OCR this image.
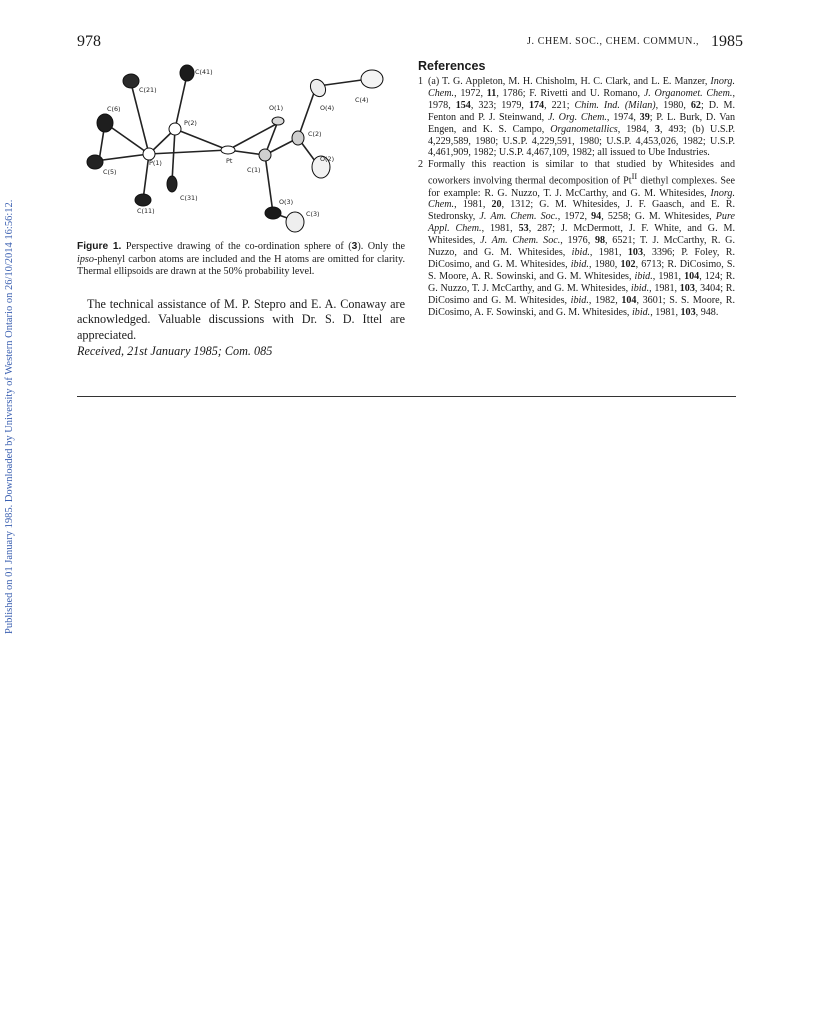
Published on 01 January 1985. Downloaded by University of Western Ontario on 26/10/2014 16:56:12.
978	J. CHEM. SOC., CHEM. COMMUN., 1985
C(41)
C(21)
C(6)
P(2)
O(1)	O(4)
C(4)
C(2)
O(2)
Pt
C(1)
C(5)
P(1)
C(31)
C(11)
O(3)
C(3)
Figure 1. Perspective drawing of the co-ordination sphere of (3). Only the ipso-phenyl carbon atoms are included and the H atoms are omitted for clarity. Thermal ellipsoids are drawn at the 50% probability level.
The technical assistance of M. P. Stepro and E. A. Conaway are acknowledged. Valuable discussions with Dr. S. D. Ittel are appreciated.
Received, 21st January 1985; Com. 085
References
1 (a) T. G. Appleton, M. H. Chisholm, H. C. Clark, and L. E. Manzer, Inorg. Chem., 1972, 11, 1786; F. Rivetti and U. Romano, J. Organomet. Chem., 1978, 154, 323; 1979, 174, 221; Chim. Ind. (Milan), 1980, 62; D. M. Fenton and P. J. Steinwand, J. Org. Chem., 1974, 39; P. L. Burk, D. Van Engen, and K. S. Campo, Organometallics, 1984, 3, 493; (b) U.S.P. 4,229,589, 1980; U.S.P. 4,229,591, 1980; U.S.P. 4,453,026, 1982; U.S.P. 4,461,909, 1982; U.S.P. 4,467,109, 1982; all issued to Ube Industries.
2 Formally this reaction is similar to that studied by Whitesides and coworkers involving thermal decomposition of $Pt^{II}$ diethyl complexes. See for example: R. G. Nuzzo, T. J. McCarthy, and G. M. Whitesides, Inorg. Chem., 1981, 20, 1312; G. M. Whitesides, J. F. Gaasch, and E. R. Stedronsky, J. Am. Chem. Soc., 1972, 94, 5258; G. M. Whitesides, Pure Appl. Chem., 1981, 53, 287; J. McDermott, J. F. White, and G. M. Whitesides, J. Am. Chem. Soc., 1976, 98, 6521; T. J. McCarthy, R. G. Nuzzo, and G. M. Whitesides, ibid., 1981, 103, 3396; P. Foley, R. DiCosimo, and G. M. Whitesides, ibid., 1980, 102, 6713; R. DiCosimo, S. S. Moore, A. R. Sowinski, and G. M. Whitesides, ibid., 1981, 104, 124; R. G. Nuzzo, T. J. McCarthy, and G. M. Whitesides, ibid., 1981, 103, 3404; R. DiCosimo and G. M. Whitesides, ibid., 1982, 104, 3601; S. S. Moore, R. DiCosimo, A. F. Sowinski, and G. M. Whitesides, ibid., 1981, 103, 948.
